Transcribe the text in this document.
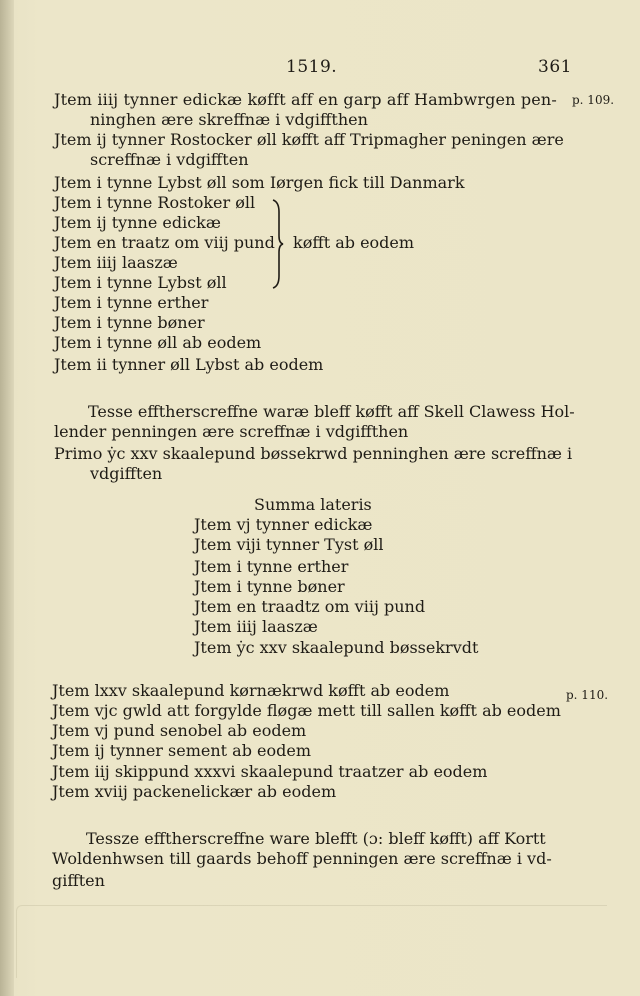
1519.	361
Jtem iiij tynner edickæ køfft aff en garp aff Hambwrgen pen-
ninghen ære skreffnæ i vdgiffthen
Jtem ij tynner Rostocker øll køfft aff Tripmagher peningen ære
screffnæ i vdgifften
Jtem i tynne Lybst øll som Iørgen fick till Danmark
p. 109.
Jtem i tynne Rostoker øll
Jtem ij tynne edickæ
Jtem en traatz om viij pund
Jtem iiij laaszæ
Jtem i tynne Lybst øll
køfft ab eodem
Jtem i tynne erther
Jtem i tynne bøner
Jtem i tynne øll ab eodem
Jtem ii tynner øll Lybst ab eodem
Tesse efftherscreffne waræ bleff køfft aff Skell Clawess Hol-
lender penningen ære screffnæ i vdgiffthen
Primo ẏc xxv skaalepund bøssekrwd penninghen ære screffnæ i
vdgifften
Summa lateris
Jtem vj tynner edickæ
Jtem viji tynner Tyst øll
Jtem i tynne erther
Jtem i tynne bøner
Jtem en traadtz om viij pund
Jtem iiij laaszæ
Jtem ẏc xxv skaalepund bøssekrvdt
Jtem lxxv skaalepund kørnækrwd køfft ab eodem
Jtem vjc gwld att forgylde fløgæ mett till sallen køfft ab eodem
Jtem vj pund senobel ab eodem
Jtem ij tynner sement ab eodem
Jtem iij skippund xxxvi skaalepund traatzer ab eodem
Jtem xviij packenelickær ab eodem
p. 110.
Tessze efftherscreffne ware blefft (ɔ: bleff køfft) aff Kortt
Woldenhwsen till gaards behoff penningen ære screffnæ i vd-
gifften
